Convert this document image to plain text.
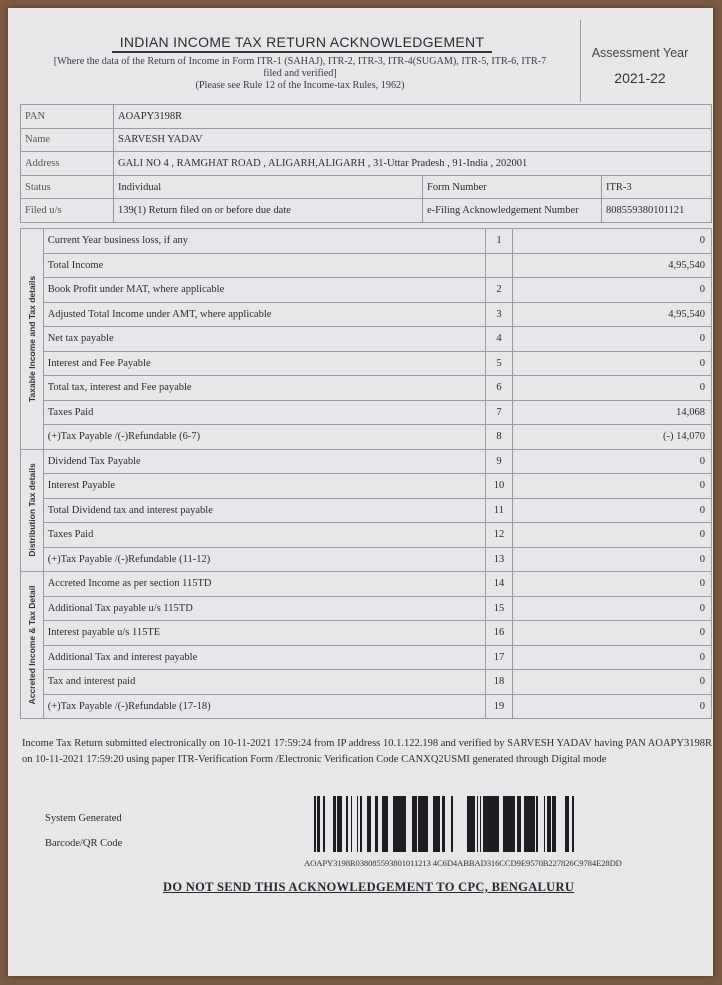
INDIAN INCOME TAX RETURN ACKNOWLEDGEMENT
[Where the data of the Return of Income in Form ITR-1 (SAHAJ), ITR-2, ITR-3, ITR-4(SUGAM), ITR-5, ITR-6, ITR-7
filed and verified]
(Please see Rule 12 of the Income-tax Rules, 1962)
Assessment Year
2021-22
PAN	AOAPY3198R		
Name	SARVESH YADAV		
Address	GALI NO 4 , RAMGHAT ROAD , ALIGARH,ALIGARH , 31-Uttar Pradesh , 91-India , 202001		
Status	Individual	Form Number	ITR-3
Filed u/s	139(1) Return filed on or before due date	e-Filing Acknowledgement Number	808559380101121
Taxable Income and Tax details	Current Year business loss, if any	1	0
	Total Income		4,95,540
	Book Profit under MAT, where applicable	2	0
	Adjusted Total Income under AMT, where applicable	3	4,95,540
	Net tax payable	4	0
	Interest and Fee Payable	5	0
	Total tax, interest and Fee payable	6	0
	Taxes Paid	7	14,068
	(+)Tax Payable /(-)Refundable (6-7)	8	(-) 14,070

Distribution Tax details	Dividend Tax Payable	9	0
	Interest Payable	10	0
	Total Dividend tax and interest payable	11	0
	Taxes Paid	12	0
	(+)Tax Payable /(-)Refundable (11-12)	13	0

Accreted Income & Tax Detail	Accreted Income as per section 115TD	14	0
	Additional Tax payable u/s 115TD	15	0
	Interest payable u/s 115TE	16	0
	Additional Tax and interest payable	17	0
	Tax and interest paid	18	0
	(+)Tax Payable /(-)Refundable (17-18)	19	0
Income Tax Return submitted electronically on 10-11-2021 17:59:24 from IP address 10.1.122.198 and verified by SARVESH YADAV having PAN AOAPY3198R on 10-11-2021 17:59:20 using paper ITR-Verification Form /Electronic Verification Code CANXQ2USMI generated through Digital mode
System Generated
Barcode/QR Code
AOAPY3198R038085593801011213 4C6D4ABBAD316CCD9E9570B227826C9784E28DD
DO NOT SEND THIS ACKNOWLEDGEMENT TO CPC, BENGALURU
